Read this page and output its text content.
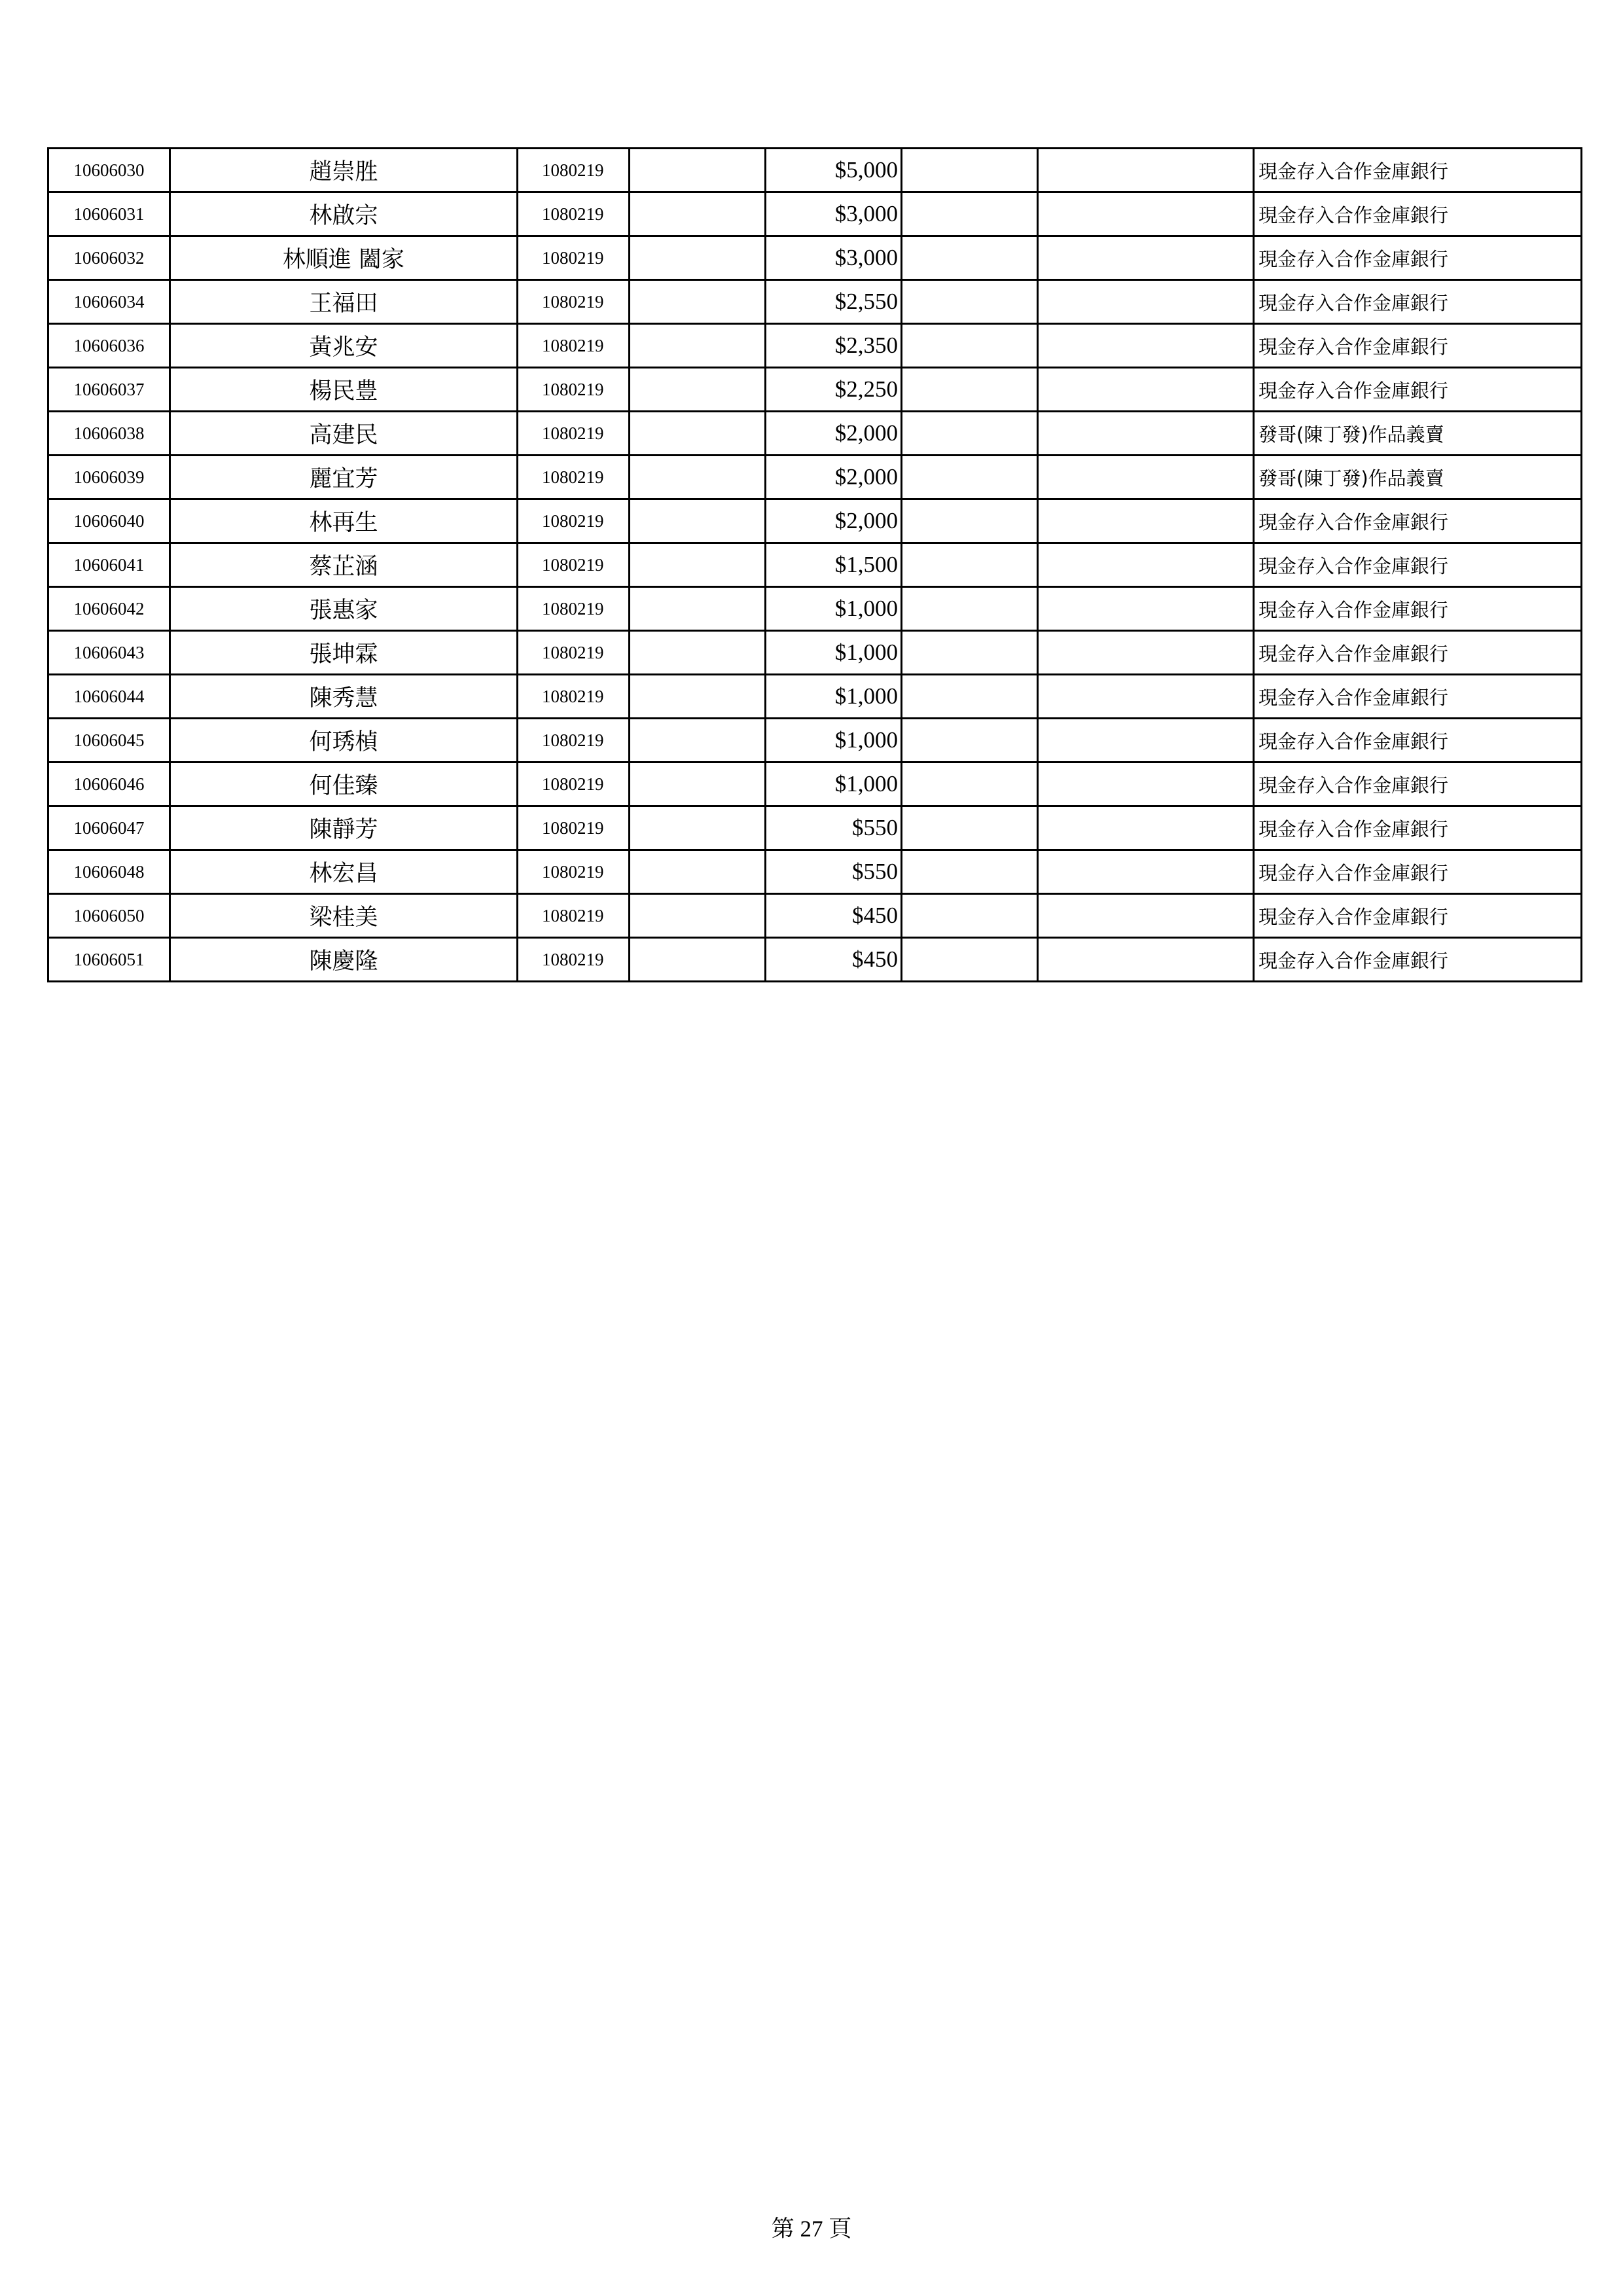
10606030	趙崇胜	1080219		$5,000			現金存入合作金庫銀行
10606031	林啟宗	1080219		$3,000			現金存入合作金庫銀行
10606032	林順進 闔家	1080219		$3,000			現金存入合作金庫銀行
10606034	王福田	1080219		$2,550			現金存入合作金庫銀行
10606036	黃兆安	1080219		$2,350			現金存入合作金庫銀行
10606037	楊民豊	1080219		$2,250			現金存入合作金庫銀行
10606038	高建民	1080219		$2,000			發哥(陳丁發)作品義賣
10606039	麗宜芳	1080219		$2,000			發哥(陳丁發)作品義賣
10606040	林再生	1080219		$2,000			現金存入合作金庫銀行
10606041	蔡芷涵	1080219		$1,500			現金存入合作金庫銀行
10606042	張惠家	1080219		$1,000			現金存入合作金庫銀行
10606043	張坤霖	1080219		$1,000			現金存入合作金庫銀行
10606044	陳秀慧	1080219		$1,000			現金存入合作金庫銀行
10606045	何琇楨	1080219		$1,000			現金存入合作金庫銀行
10606046	何佳臻	1080219		$1,000			現金存入合作金庫銀行
10606047	陳靜芳	1080219		$550			現金存入合作金庫銀行
10606048	林宏昌	1080219		$550			現金存入合作金庫銀行
10606050	梁桂美	1080219		$450			現金存入合作金庫銀行
10606051	陳慶隆	1080219		$450			現金存入合作金庫銀行
第 27 頁
